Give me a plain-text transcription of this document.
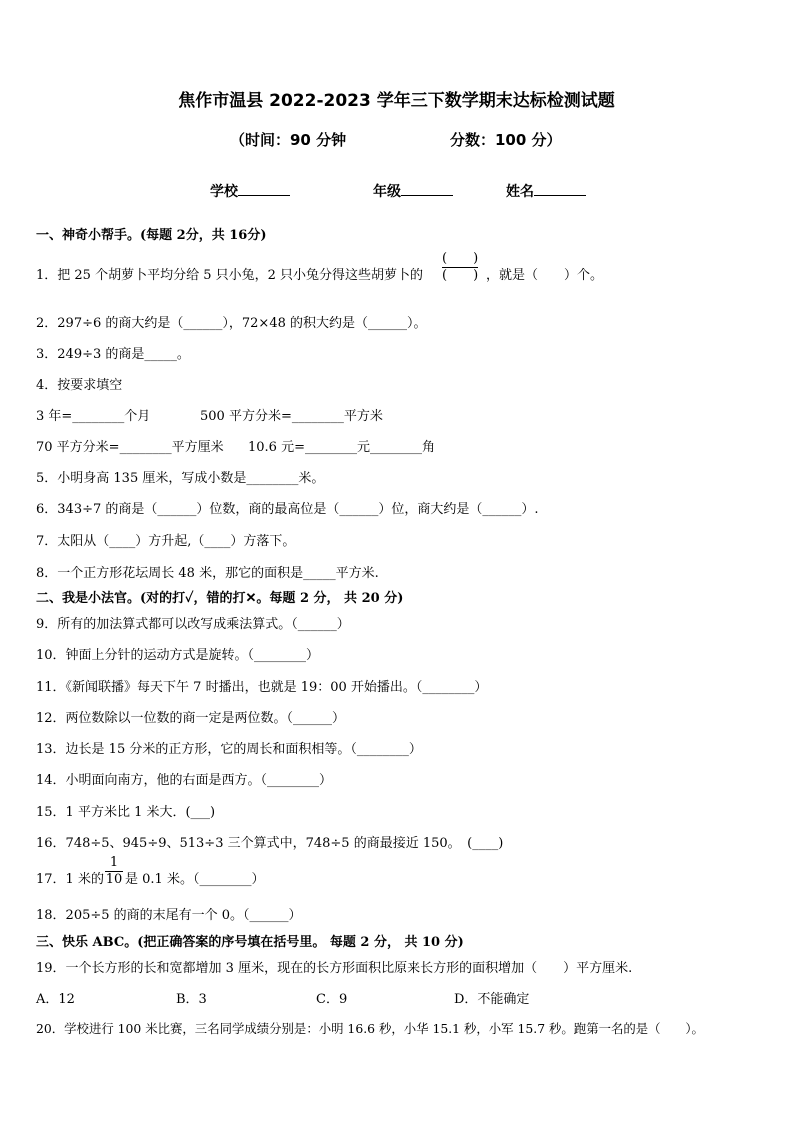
焦作市温县 2022-2023 学年三下数学期末达标检测试题
（时间：90 分钟	分数：100 分）
学校	年级	姓名
一、神奇小帮手。(每题 2分，共 16分)
1．把 25 个胡萝卜平均分给 5 只小兔，2 只小兔分得这些胡萝卜的
(　　)
(　　) ，就是（　　）个。
2．297÷6 的商大约是（______），72×48 的积大约是（______）。
3．249÷3 的商是_____。
4．按要求填空
3 年=________个月	500 平方分米=________平方米
70 平方分米=________平方厘米 10.6 元=________元________角
5．小明身高 135 厘米，写成小数是________米。
6．343÷7 的商是（______）位数，商的最高位是（______）位，商大约是（______）.
7．太阳从（____）方升起,（____）方落下。
8．一个正方形花坛周长 48 米，那它的面积是_____平方米.
二、我是小法官。(对的打✓，错的打✕。每题 2 分， 共 20 分)
9．所有的加法算式都可以改写成乘法算式。（______）
10．钟面上分针的运动方式是旋转。（________）
11．《新闻联播》每天下午 7 时播出，也就是 19：00 开始播出。（________）
12．两位数除以一位数的商一定是两位数。（______）
13．边长是 15 分米的正方形，它的周长和面积相等。（________）
14．小明面向南方，他的右面是西方。（________）
15．1 平方米比 1 米大．(___)
16．748÷5、945÷9、513÷3 三个算式中，748÷5 的商最接近 150。　(____)
17．1 米的
1
10 是 0.1 米。（________）
18．205÷5 的商的末尾有一个 0。（______）
三、快乐 ABC。(把正确答案的序号填在括号里。 每题 2 分， 共 10 分)
19．一个长方形的长和宽都增加 3 厘米，现在的长方形面积比原来长方形的面积增加（　　）平方厘米.
A．12	B．3	C．9	D．不能确定
20．学校进行 100 米比赛，三名同学成绩分别是：小明 16.6 秒，小华 15.1 秒，小军 15.7 秒。跑第一名的是（　　）。
